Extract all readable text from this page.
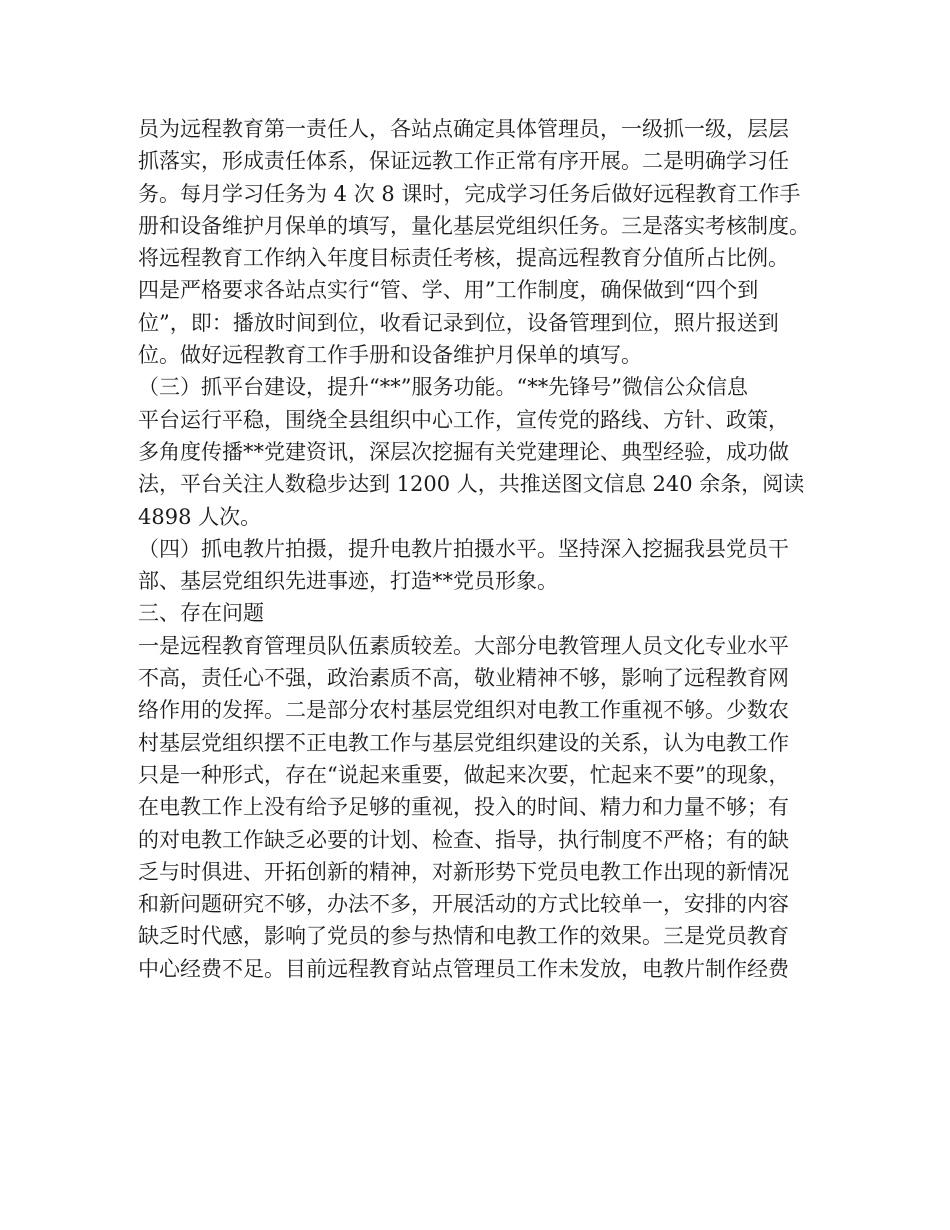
员为远程教育第一责任人，各站点确定具体管理员，一级抓一级，层层
抓落实，形成责任体系，保证远教工作正常有序开展。二是明确学习任
务。每月学习任务为 4 次 8 课时，完成学习任务后做好远程教育工作手
册和设备维护月保单的填写，量化基层党组织任务。三是落实考核制度。
将远程教育工作纳入年度目标责任考核，提高远程教育分值所占比例。
四是严格要求各站点实行“管、学、用”工作制度，确保做到“四个到
位”，即：播放时间到位，收看记录到位，设备管理到位，照片报送到
位。做好远程教育工作手册和设备维护月保单的填写。
（三）抓平台建设，提升“**”服务功能。“**先锋号”微信公众信息
平台运行平稳，围绕全县组织中心工作，宣传党的路线、方针、政策，
多角度传播**党建资讯，深层次挖掘有关党建理论、典型经验，成功做
法，平台关注人数稳步达到 1200 人，共推送图文信息 240 余条，阅读
4898 人次。
（四）抓电教片拍摄，提升电教片拍摄水平。坚持深入挖掘我县党员干
部、基层党组织先进事迹，打造**党员形象。
三、存在问题
一是远程教育管理员队伍素质较差。大部分电教管理人员文化专业水平
不高，责任心不强，政治素质不高，敬业精神不够，影响了远程教育网
络作用的发挥。二是部分农村基层党组织对电教工作重视不够。少数农
村基层党组织摆不正电教工作与基层党组织建设的关系，认为电教工作
只是一种形式，存在“说起来重要，做起来次要，忙起来不要”的现象，
在电教工作上没有给予足够的重视，投入的时间、精力和力量不够；有
的对电教工作缺乏必要的计划、检查、指导，执行制度不严格；有的缺
乏与时俱进、开拓创新的精神，对新形势下党员电教工作出现的新情况
和新问题研究不够，办法不多，开展活动的方式比较单一，安排的内容
缺乏时代感，影响了党员的参与热情和电教工作的效果。三是党员教育
中心经费不足。目前远程教育站点管理员工作未发放，电教片制作经费
